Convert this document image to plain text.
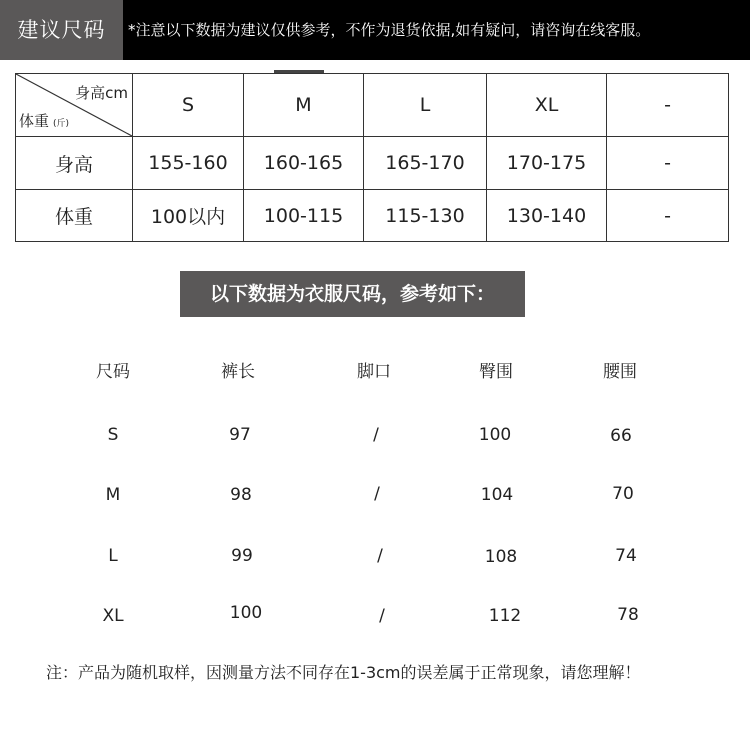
建议尺码	*注意以下数据为建议仅供参考，不作为退货依据,如有疑问，请咨询在线客服。
身高cm
体重 (斤)	S	M	L	XL	-
身高	155-160	160-165	165-170	170-175	-
体重	100以内	100-115	115-130	130-140	-
以下数据为衣服尺码，参考如下：
尺码	裤长	脚口	臀围	腰围
S	97	/	100	66
M	98	/	104	70
L	99	/	108	74
XL	100	/	112	78
注：产品为随机取样，因测量方法不同存在1-3cm的误差属于正常现象，请您理解！
